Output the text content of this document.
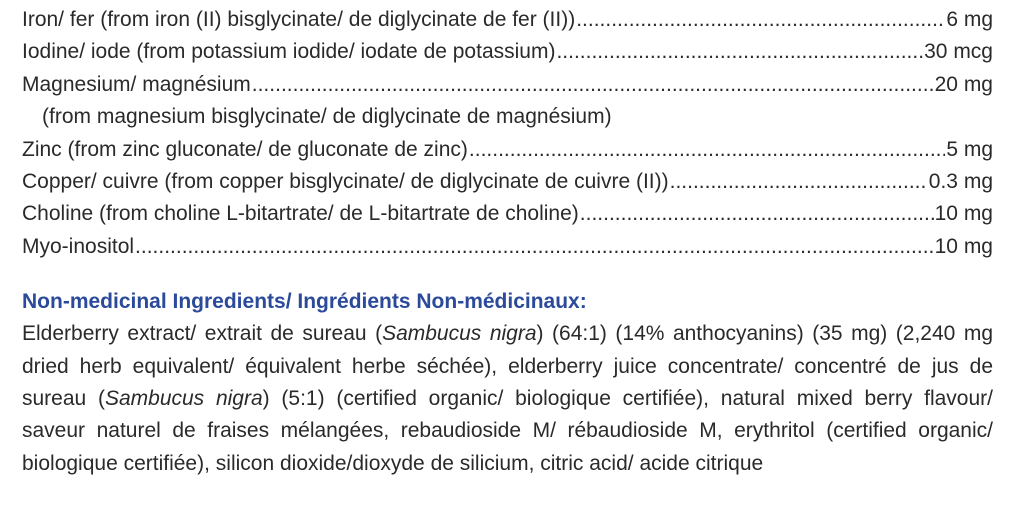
Iron/ fer (from iron (II) bisglycinate/ de diglycinate de fer (II)) .....	6 mg
Iodine/ iode (from potassium iodide/ iodate de potassium) .....	30 mcg
Magnesium/ magnésium .....	20 mg
(from magnesium bisglycinate/ de diglycinate de magnésium)
Zinc (from zinc gluconate/ de gluconate de zinc) .....	5 mg
Copper/ cuivre (from copper bisglycinate/ de diglycinate de cuivre (II)) .....	0.3 mg
Choline (from choline L-bitartrate/ de L-bitartrate de choline) .....	10 mg
Myo-inositol .....	10 mg
Non-medicinal Ingredients/ Ingrédients Non-médicinaux:

Elderberry extract/ extrait de sureau (Sambucus nigra) (64:1) (14% anthocyanins) (35 mg) (2,240 mg dried herb equivalent/ équivalent herbe séchée), elderberry juice concentrate/ concentré de jus de sureau (Sambucus nigra) (5:1) (certified organic/ biologique certifiée), natural mixed berry flavour/ saveur naturel de fraises mélangées, rebaudioside M/ rébaudioside M, erythritol (certified organic/ biologique certifiée), silicon dioxide/dioxyde de silicium, citric acid/ acide citrique
